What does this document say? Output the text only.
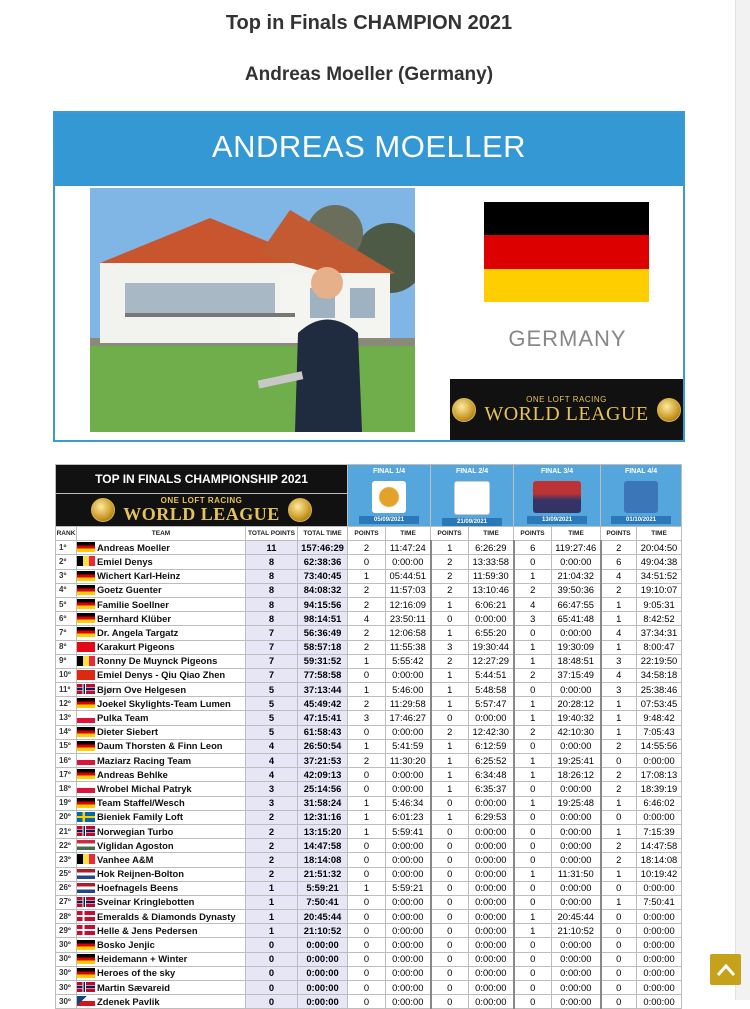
Top in Finals CHAMPION 2021
Andreas Moeller (Germany)
ANDREAS MOELLER
GERMANY
ONE LOFT RACING
WORLD LEAGUE
TOP IN FINALS CHAMPIONSHIP 2021				FINAL 1/4
05/09/2021		FINAL 2/4
21/09/2021		FINAL 3/4
13/09/2021		FINAL 4/4
01/10/2021	

ONE LOFT RACING
WORLD LEAGUE											

RANK	TEAM	TOTAL POINTS	TOTAL TIME	POINTS	TIME	POINTS	TIME	POINTS	TIME	POINTS	TIME
1º	Andreas Moeller	11	157:46:29	2	11:47:24	1	6:26:29	6	119:27:46	2	20:04:50
2º	Emiel Denys	8	62:38:36	0	0:00:00	2	13:33:58	0	0:00:00	6	49:04:38
3º	Wichert Karl-Heinz	8	73:40:45	1	05:44:51	2	11:59:30	1	21:04:32	4	34:51:52
4º	Goetz Guenter	8	84:08:32	2	11:57:03	2	13:10:46	2	39:50:36	2	19:10:07
5º	Familie Soellner	8	94:15:56	2	12:16:09	1	6:06:21	4	66:47:55	1	9:05:31
6º	Bernhard Klüber	8	98:14:51	4	23:50:11	0	0:00:00	3	65:41:48	1	8:42:52
7º	Dr. Angela Targatz	7	56:36:49	2	12:06:58	1	6:55:20	0	0:00:00	4	37:34:31
8º	Karakurt Pigeons	7	58:57:18	2	11:55:38	3	19:30:44	1	19:30:09	1	8:00:47
9º	Ronny De Muynck Pigeons	7	59:31:52	1	5:55:42	2	12:27:29	1	18:48:51	3	22:19:50
10º	Emiel Denys - Qiu Qiao Zhen	7	77:58:58	0	0:00:00	1	5:44:51	2	37:15:49	4	34:58:18
11º	Bjørn Ove Helgesen	5	37:13:44	1	5:46:00	1	5:48:58	0	0:00:00	3	25:38:46
12º	Joekel Skylights-Team Lumen	5	45:49:42	2	11:29:58	1	5:57:47	1	20:28:12	1	07:53:45
13º	Pulka Team	5	47:15:41	3	17:46:27	0	0:00:00	1	19:40:32	1	9:48:42
14º	Dieter Siebert	5	61:58:43	0	0:00:00	2	12:42:30	2	42:10:30	1	7:05:43
15º	Daum Thorsten & Finn Leon	4	26:50:54	1	5:41:59	1	6:12:59	0	0:00:00	2	14:55:56
16º	Maziarz Racing Team	4	37:21:53	2	11:30:20	1	6:25:52	1	19:25:41	0	0:00:00
17º	Andreas Behlke	4	42:09:13	0	0:00:00	1	6:34:48	1	18:26:12	2	17:08:13
18º	Wrobel Michal Patryk	3	25:14:56	0	0:00:00	1	6:35:37	0	0:00:00	2	18:39:19
19º	Team Staffel/Wesch	3	31:58:24	1	5:46:34	0	0:00:00	1	19:25:48	1	6:46:02
20º	Bieniek Family Loft	2	12:31:16	1	6:01:23	1	6:29:53	0	0:00:00	0	0:00:00
21º	Norwegian Turbo	2	13:15:20	1	5:59:41	0	0:00:00	0	0:00:00	1	7:15:39
22º	Viglidan Agoston	2	14:47:58	0	0:00:00	0	0:00:00	0	0:00:00	2	14:47:58
23º	Vanhee A&M	2	18:14:08	0	0:00:00	0	0:00:00	0	0:00:00	2	18:14:08
25º	Hok Reijnen-Bolton	2	21:51:32	0	0:00:00	0	0:00:00	1	11:31:50	1	10:19:42
26º	Hoefnagels Beens	1	5:59:21	1	5:59:21	0	0:00:00	0	0:00:00	0	0:00:00
27º	Sveinar Kringlebotten	1	7:50:41	0	0:00:00	0	0:00:00	0	0:00:00	1	7:50:41
28º	Emeralds & Diamonds Dynasty	1	20:45:44	0	0:00:00	0	0:00:00	1	20:45:44	0	0:00:00
29º	Helle & Jens Pedersen	1	21:10:52	0	0:00:00	0	0:00:00	1	21:10:52	0	0:00:00
30º	Bosko Jenjic	0	0:00:00	0	0:00:00	0	0:00:00	0	0:00:00	0	0:00:00
30º	Heidemann + Winter	0	0:00:00	0	0:00:00	0	0:00:00	0	0:00:00	0	0:00:00
30º	Heroes of the sky	0	0:00:00	0	0:00:00	0	0:00:00	0	0:00:00	0	0:00:00
30º	Martin Sævareid	0	0:00:00	0	0:00:00	0	0:00:00	0	0:00:00	0	0:00:00
30º	Zdenek Pavlik	0	0:00:00	0	0:00:00	0	0:00:00	0	0:00:00	0	0:00:00
